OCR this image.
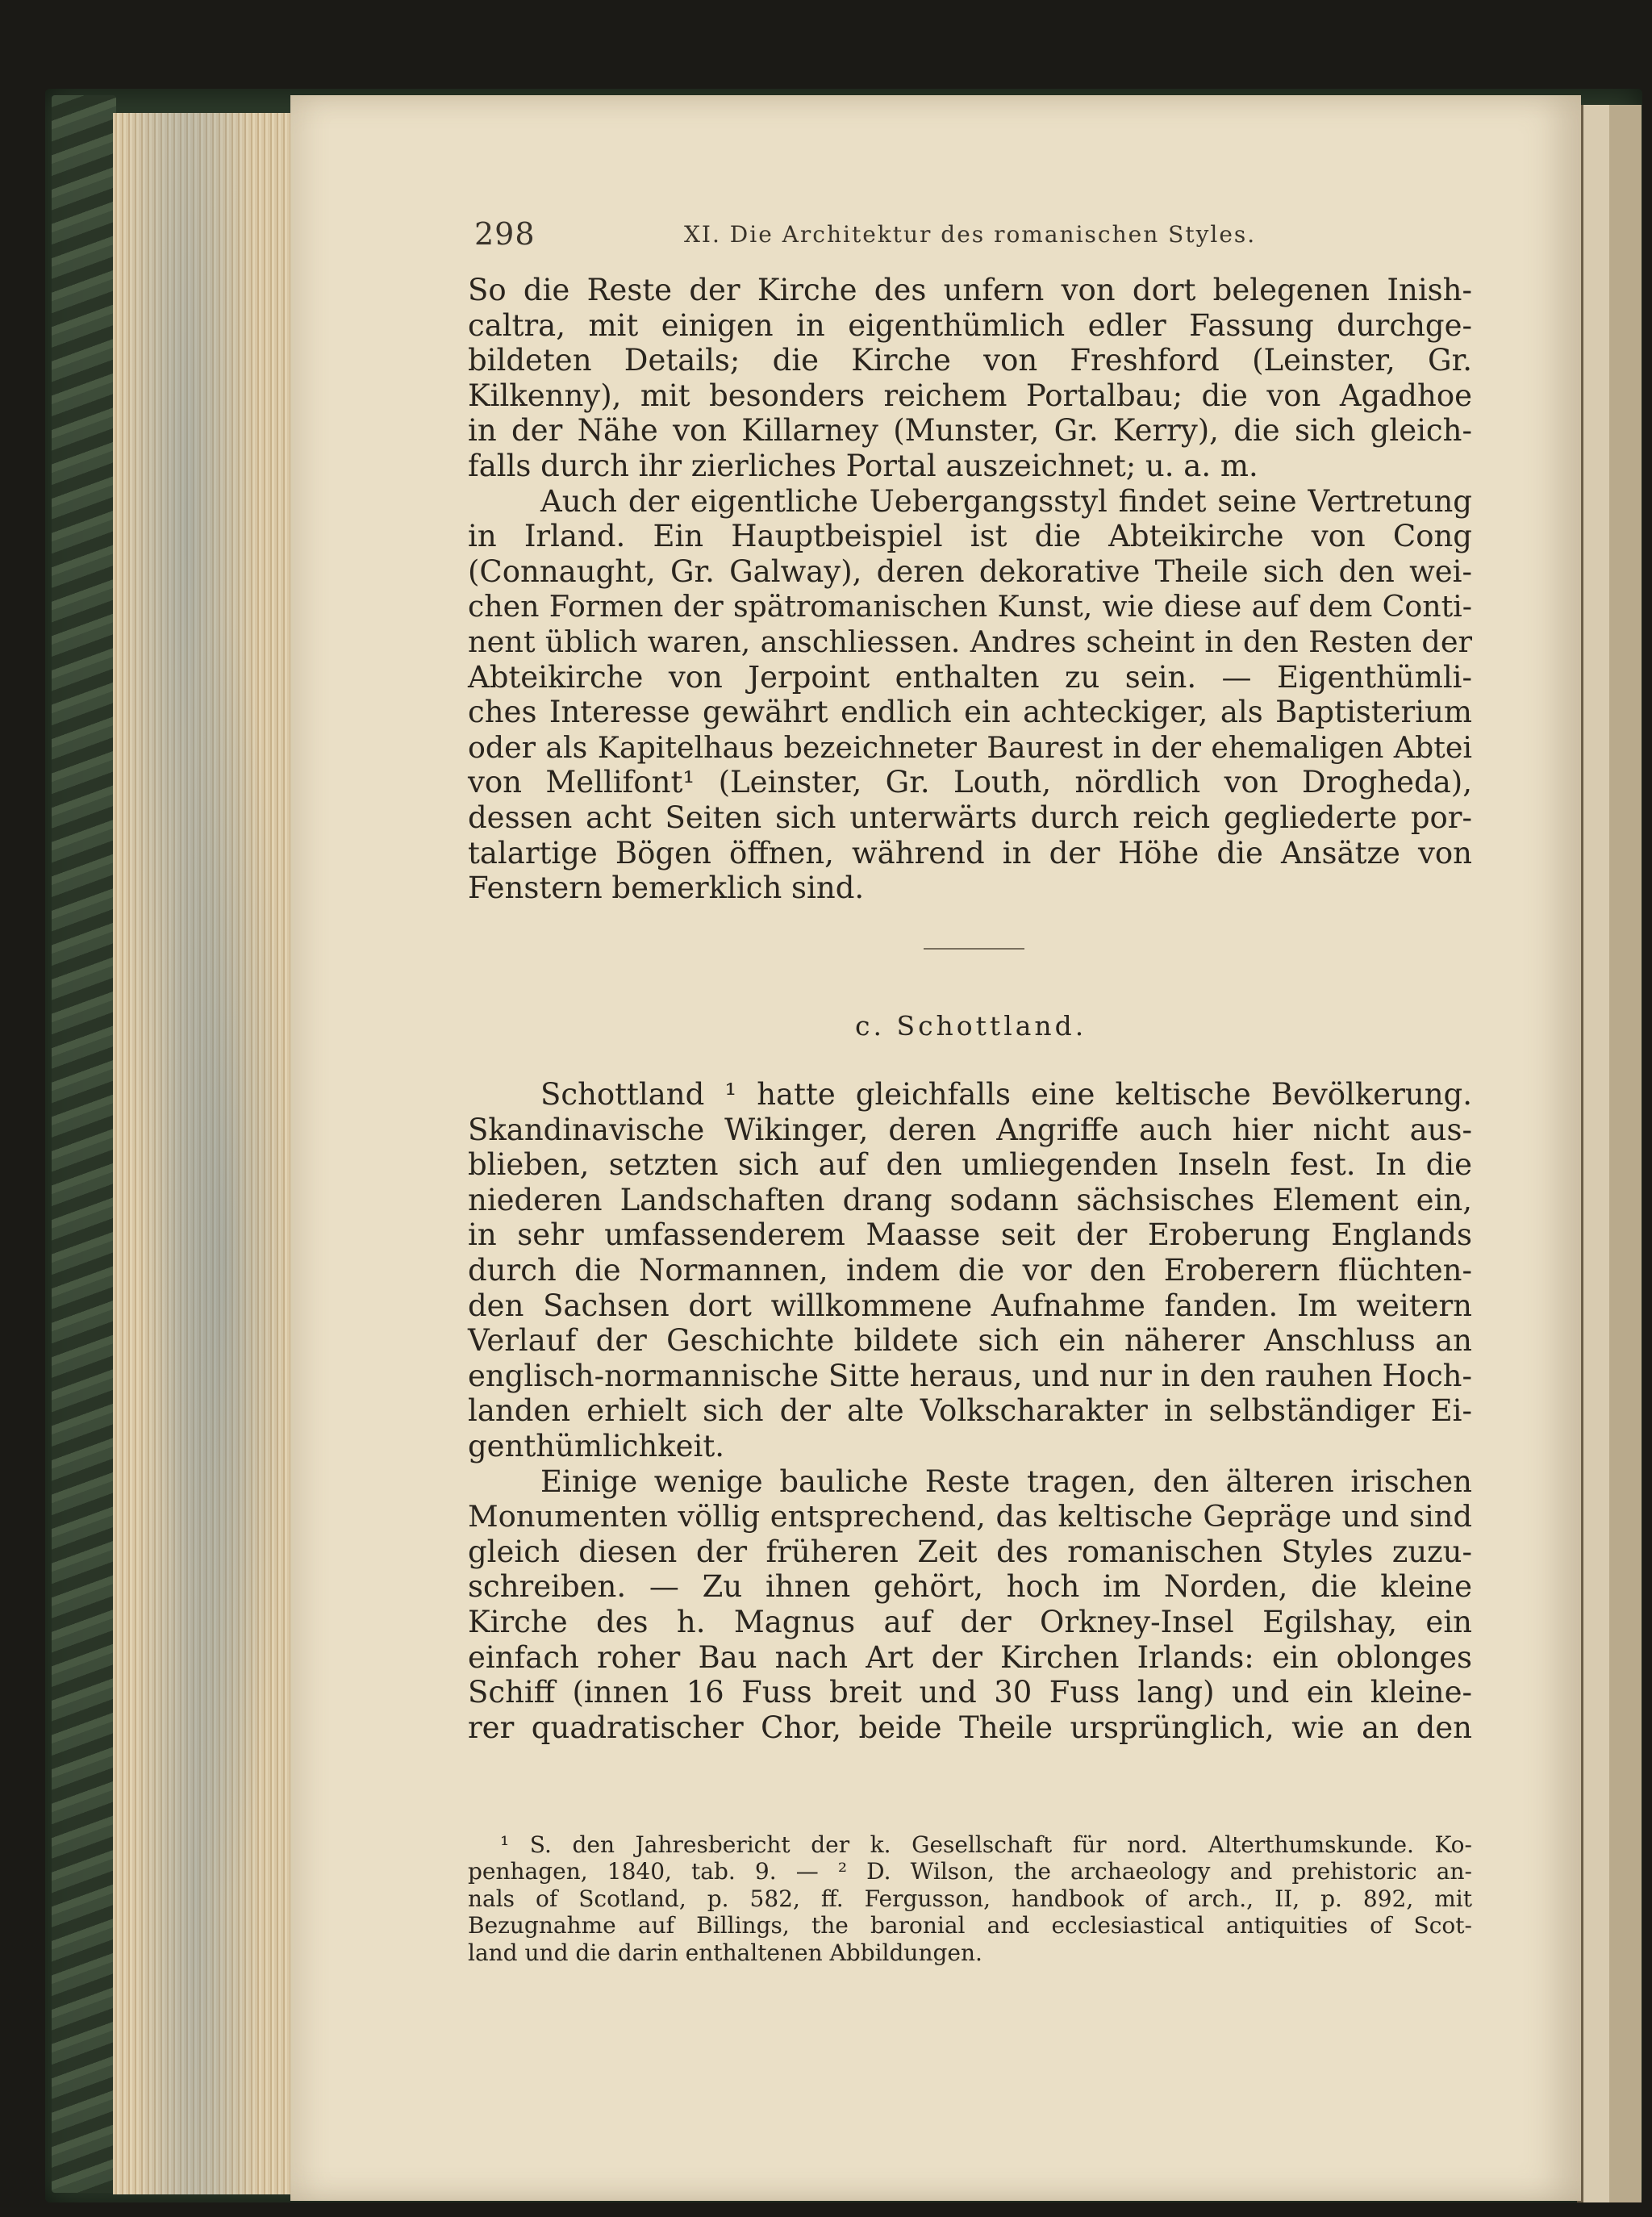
298	XI. Die Architektur des romanischen Styles.
So die Reste der Kirche des unfern von dort belegenen Inish-
caltra, mit einigen in eigenthümlich edler Fassung durchge-
bildeten Details; die Kirche von Freshford (Leinster, Gr.
Kilkenny), mit besonders reichem Portalbau; die von Agadhoe
in der Nähe von Killarney (Munster, Gr. Kerry), die sich gleich-
falls durch ihr zierliches Portal auszeichnet; u. a. m.
Auch der eigentliche Uebergangsstyl findet seine Vertretung
in Irland. Ein Hauptbeispiel ist die Abteikirche von Cong
(Connaught, Gr. Galway), deren dekorative Theile sich den wei-
chen Formen der spätromanischen Kunst, wie diese auf dem Conti-
nent üblich waren, anschliessen. Andres scheint in den Resten der
Abteikirche von Jerpoint enthalten zu sein. — Eigenthümli-
ches Interesse gewährt endlich ein achteckiger, als Baptisterium
oder als Kapitelhaus bezeichneter Baurest in der ehemaligen Abtei
von Mellifont¹ (Leinster, Gr. Louth, nördlich von Drogheda),
dessen acht Seiten sich unterwärts durch reich gegliederte por-
talartige Bögen öffnen, während in der Höhe die Ansätze von
Fenstern bemerklich sind.
c. Schottland.
Schottland ¹ hatte gleichfalls eine keltische Bevölkerung.
Skandinavische Wikinger, deren Angriffe auch hier nicht aus-
blieben, setzten sich auf den umliegenden Inseln fest. In die
niederen Landschaften drang sodann sächsisches Element ein,
in sehr umfassenderem Maasse seit der Eroberung Englands
durch die Normannen, indem die vor den Eroberern flüchten-
den Sachsen dort willkommene Aufnahme fanden. Im weitern
Verlauf der Geschichte bildete sich ein näherer Anschluss an
englisch-normannische Sitte heraus, und nur in den rauhen Hoch-
landen erhielt sich der alte Volkscharakter in selbständiger Ei-
genthümlichkeit.
Einige wenige bauliche Reste tragen, den älteren irischen
Monumenten völlig entsprechend, das keltische Gepräge und sind
gleich diesen der früheren Zeit des romanischen Styles zuzu-
schreiben. — Zu ihnen gehört, hoch im Norden, die kleine
Kirche des h. Magnus auf der Orkney-Insel Egilshay, ein
einfach roher Bau nach Art der Kirchen Irlands: ein oblonges
Schiff (innen 16 Fuss breit und 30 Fuss lang) und ein kleine-
rer quadratischer Chor, beide Theile ursprünglich, wie an den
¹ S. den Jahresbericht der k. Gesellschaft für nord. Alterthumskunde. Ko-
penhagen, 1840, tab. 9. — ² D. Wilson, the archaeology and prehistoric an-
nals of Scotland, p. 582, ff. Fergusson, handbook of arch., II, p. 892, mit
Bezugnahme auf Billings, the baronial and ecclesiastical antiquities of Scot-
land und die darin enthaltenen Abbildungen.
